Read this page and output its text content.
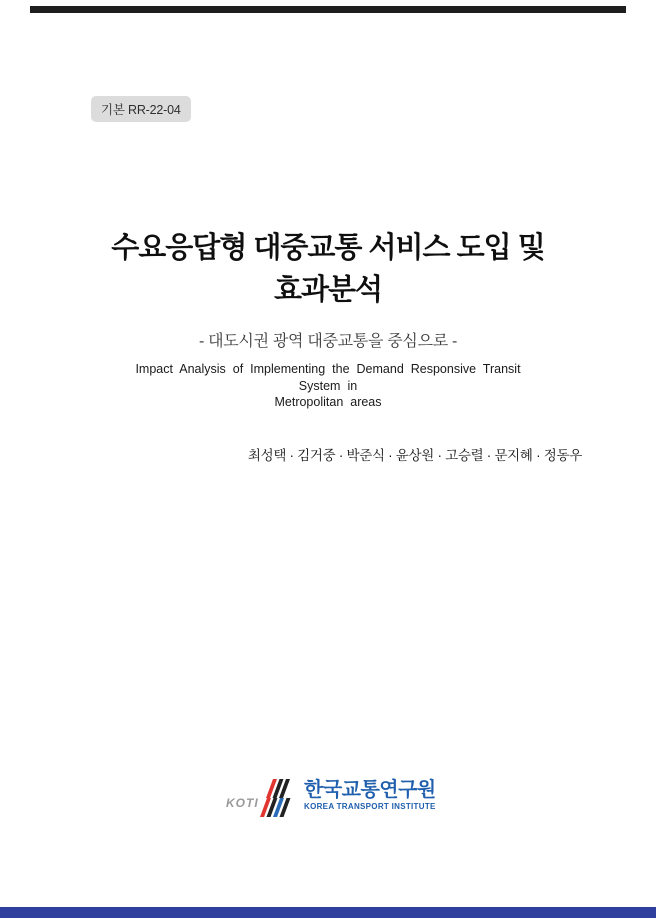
기본 RR-22-04
수요응답형 대중교통 서비스 도입 및
효과분석
- 대도시권 광역 대중교통을 중심으로 -
Impact Analysis of Implementing the Demand Responsive Transit System in
Metropolitan areas
최성택 · 김거중 · 박준식 · 윤상원 · 고승렬 · 문지혜 · 정동우
KOTI
한국교통연구원
KOREA TRANSPORT INSTITUTE
